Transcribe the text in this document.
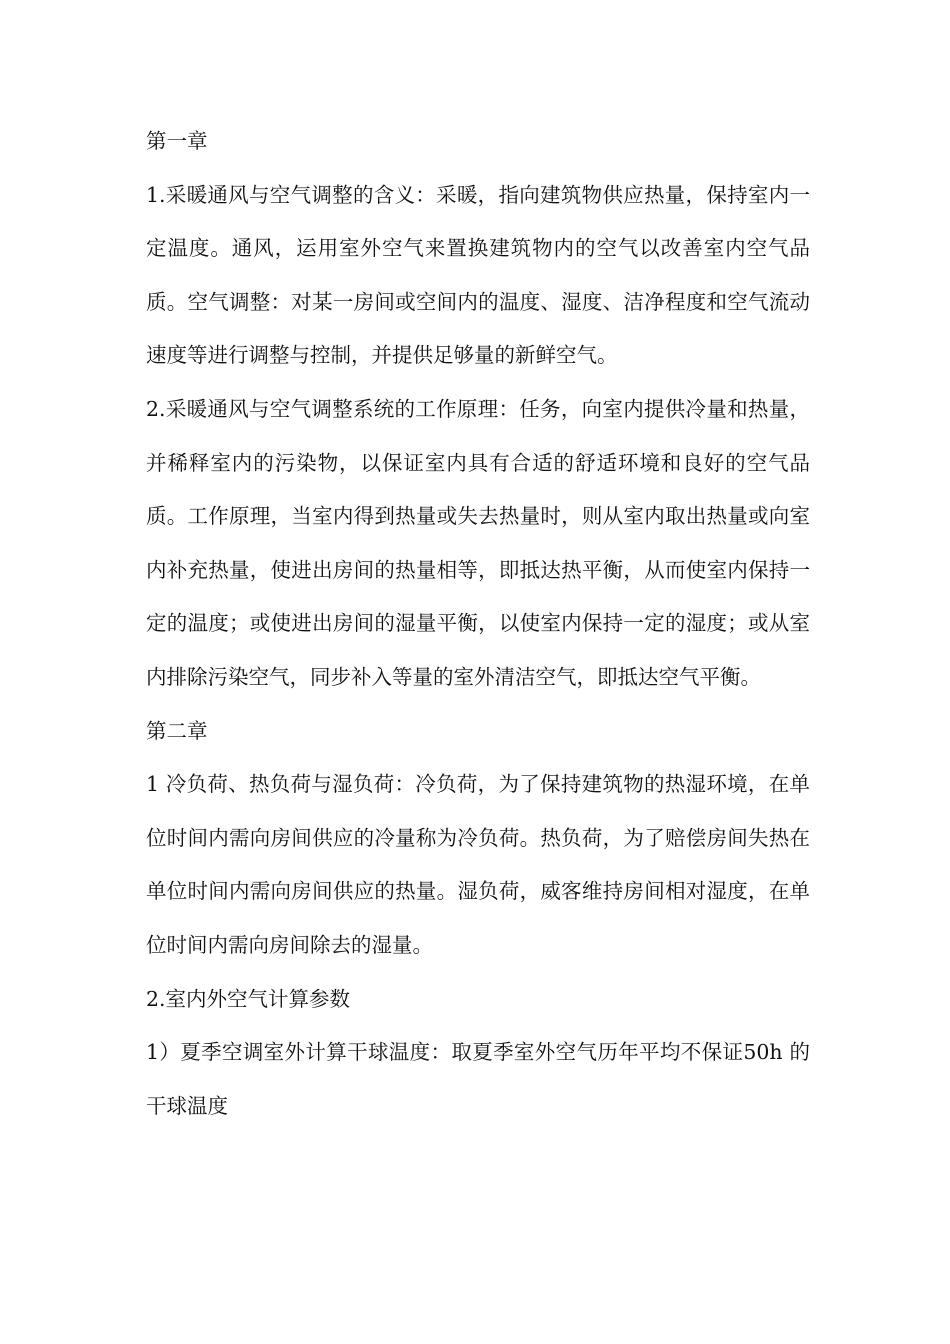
第一章

1.采暖通风与空气调整的含义：采暖，指向建筑物供应热量，保持室内一定温度。通风，运用室外空气来置换建筑物内的空气以改善室内空气品质。空气调整：对某一房间或空间内的温度、湿度、洁净程度和空气流动速度等进行调整与控制，并提供足够量的新鲜空气。

2.采暖通风与空气调整系统的工作原理：任务，向室内提供冷量和热量，并稀释室内的污染物，以保证室内具有合适的舒适环境和良好的空气品质。工作原理，当室内得到热量或失去热量时，则从室内取出热量或向室内补充热量，使进出房间的热量相等，即抵达热平衡，从而使室内保持一定的温度；或使进出房间的湿量平衡，以使室内保持一定的湿度；或从室内排除污染空气，同步补入等量的室外清洁空气，即抵达空气平衡。

第二章

1 冷负荷、热负荷与湿负荷：冷负荷，为了保持建筑物的热湿环境，在单位时间内需向房间供应的冷量称为冷负荷。热负荷，为了赔偿房间失热在单位时间内需向房间供应的热量。湿负荷，威客维持房间相对湿度，在单位时间内需向房间除去的湿量。

2.室内外空气计算参数

1）夏季空调室外计算干球温度：取夏季室外空气历年平均不保证50h 的干球温度
